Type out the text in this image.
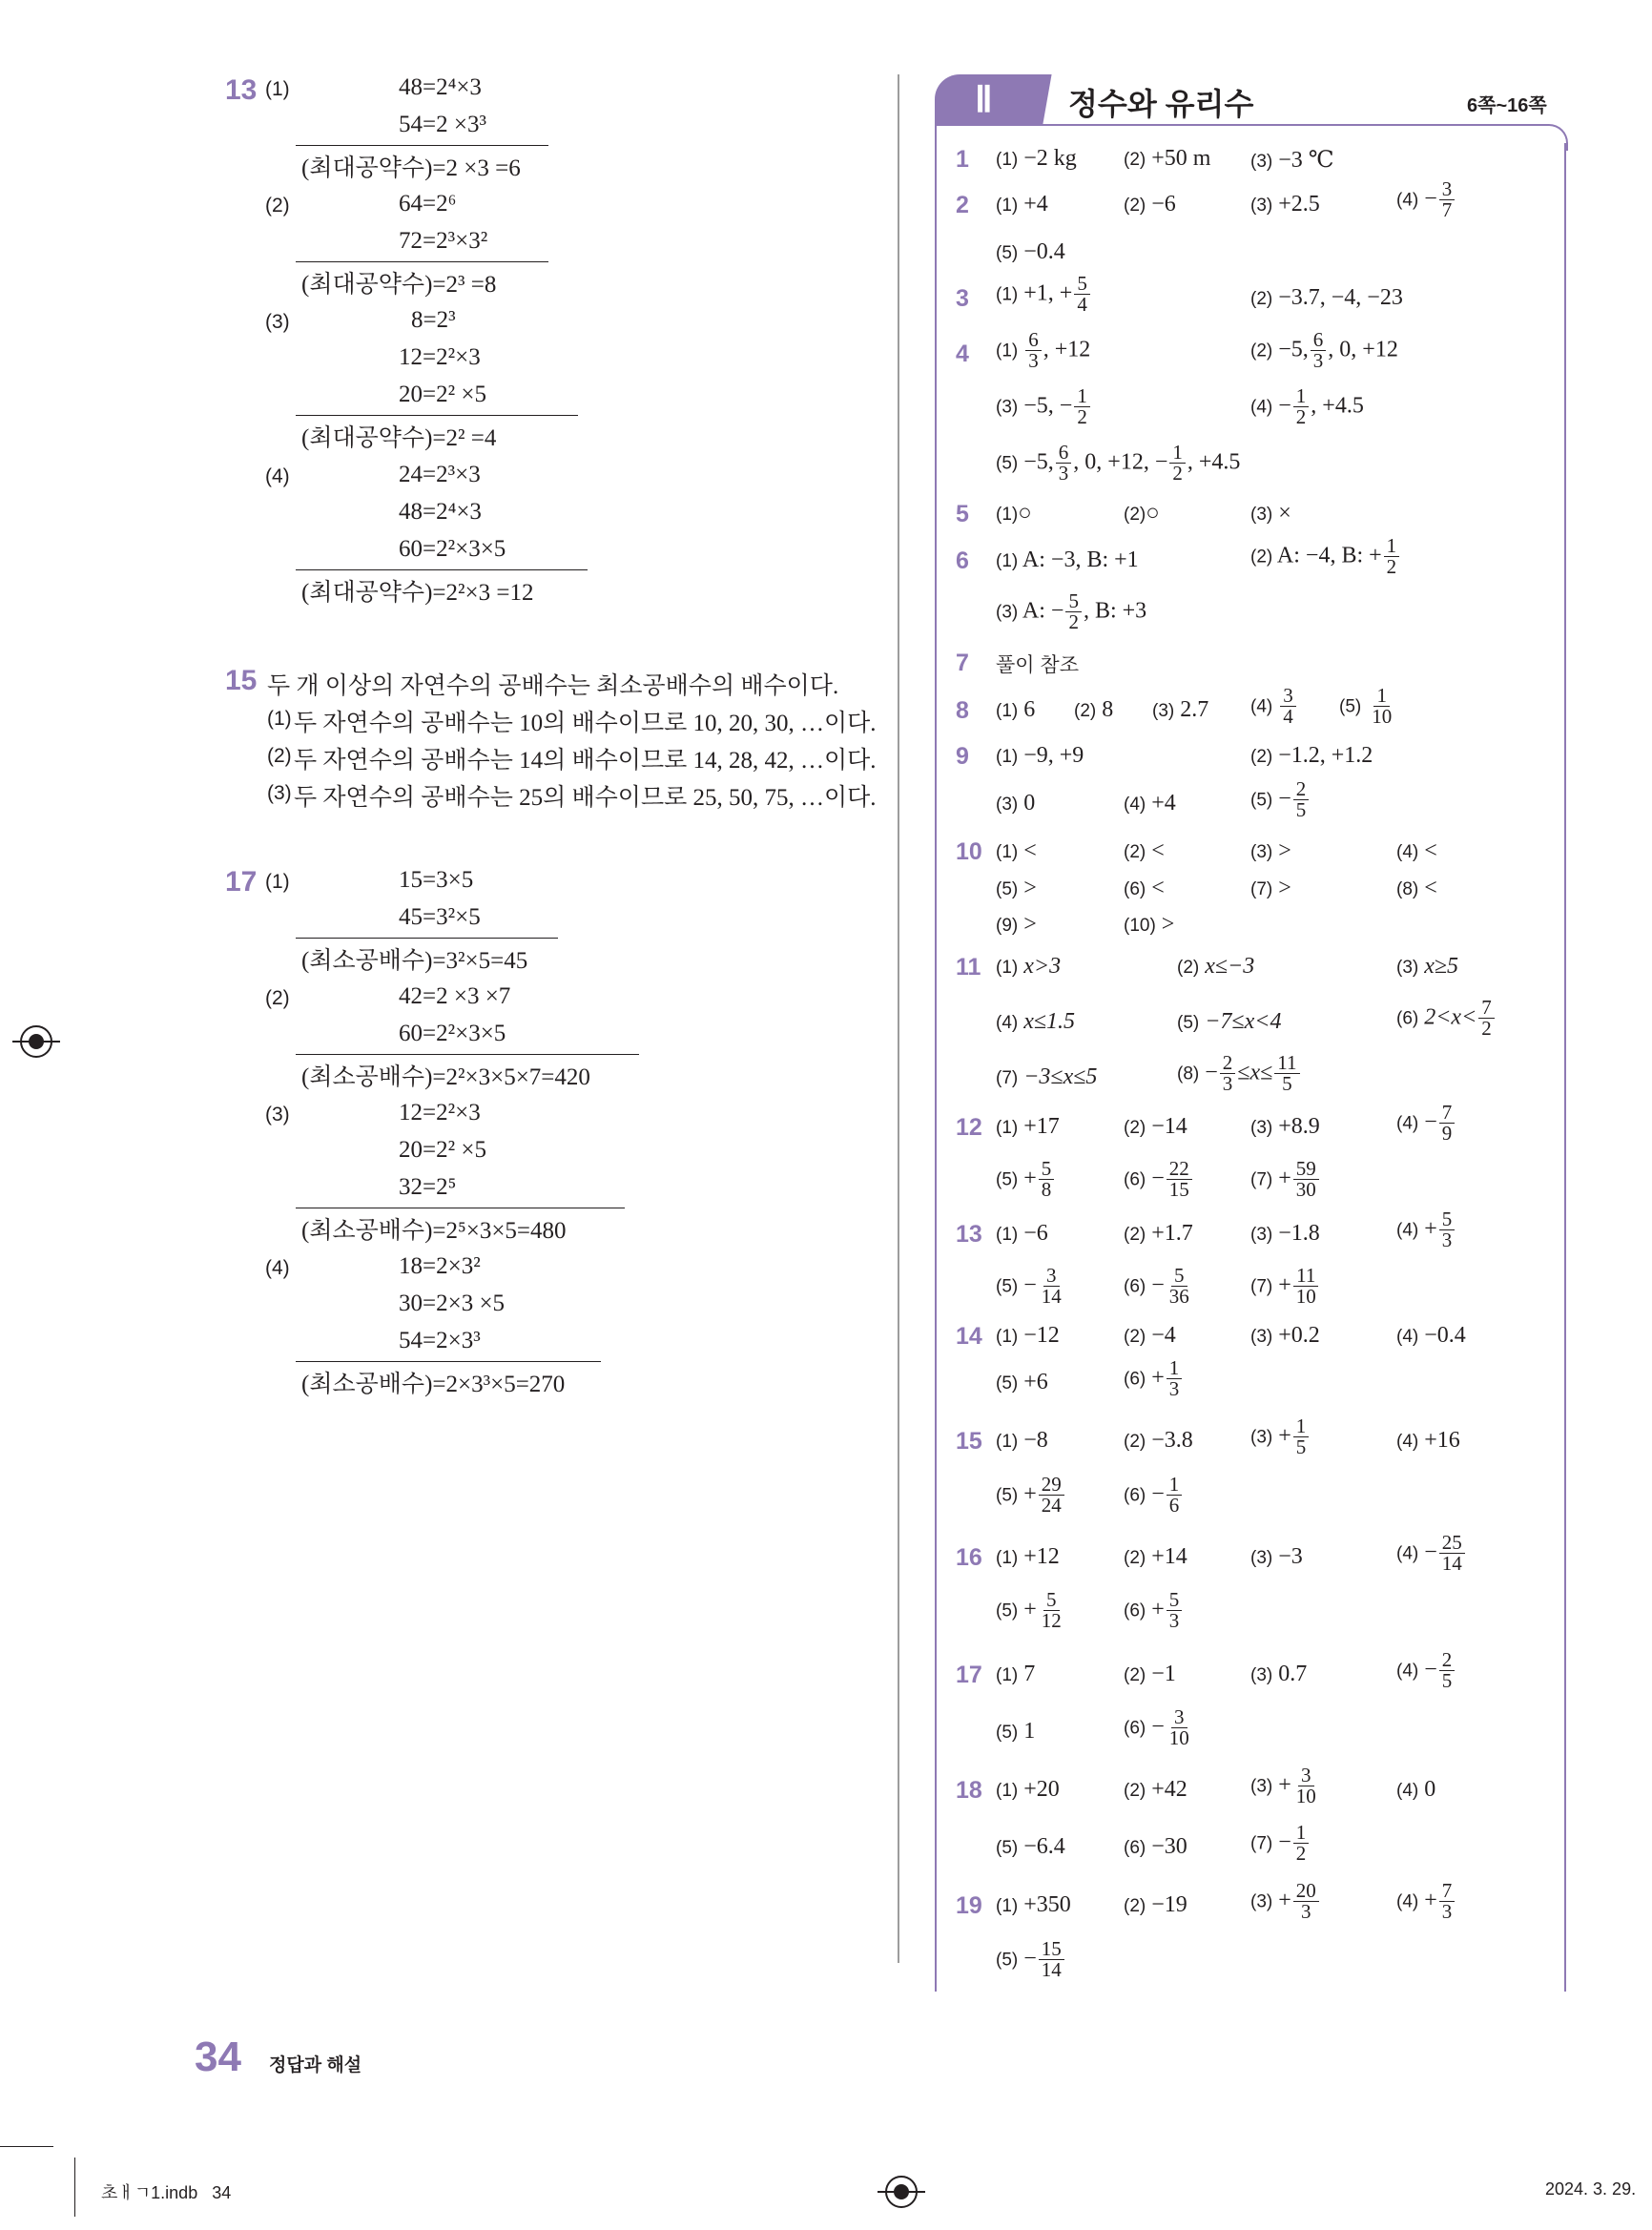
13 (1)	48=2⁴×3
54=2 ×3³
(최대공약수)=2 ×3 =6
(2)	64=2⁶
72=2³×3²
(최대공약수)=2³ =8
(3)	8=2³
12=2²×3
20=2² ×5
(최대공약수)=2² =4
(4)	24=2³×3
48=2⁴×3
60=2²×3×5
(최대공약수)=2²×3 =12
15 두 개 이상의 자연수의 공배수는 최소공배수의 배수이다.
(1) 두 자연수의 공배수는 10의 배수이므로 10, 20, 30, …이다.
(2) 두 자연수의 공배수는 14의 배수이므로 14, 28, 42, …이다.
(3) 두 자연수의 공배수는 25의 배수이므로 25, 50, 75, …이다.
17 (1)	15=3×5
45=3²×5
(최소공배수)=3²×5=45
(2)	42=2 ×3 ×7
60=2²×3×5
(최소공배수)=2²×3×5×7=420
(3)	12=2²×3
20=2² ×5
32=2⁵
(최소공배수)=2⁵×3×5=480
(4)	18=2×3²
30=2×3 ×5
54=2×3³
(최소공배수)=2×3³×5=270
Ⅱ 정수와 유리수	6쪽~16쪽
1 (1) −2 kg	(2) +50 m (3) −3 ℃
2 (1) +4	(2) −6	(3) +2.5	$(4) - \frac{3}{7}$
(5) −0.4
3 (1) +1, + $\frac{5}{4}$	(2) −3.7, −4, −23
4 $(1) \frac{6}{3}$ , +12	(2) −5, $\frac{6}{3}$ , 0, +12
(3) −5, − $\frac{1}{2}$	$(4) - \frac{1}{2}$ , +4.5
(5) −5, $\frac{6}{3}$ , 0, +12, − $\frac{1}{2}$ , +4.5
5 (1)○	(2)○	(3) ×
6 (1) A: −3, B: +1	(2) A: −4, B: + $\frac{1}{2}$
(3) A: − $\frac{5}{2}$ , B: +3
7 풀이 참조
8 (1) 6 (2) 8 (3) 2.7 $(4) \frac{3}{4} (5) \frac{1}{10}$
9 (1) −9, +9	(2) −1.2, +1.2
(3) 0	(4) +4	$(5) - \frac{2}{5}$
10 (1) <	(2) <	(3) >	(4) <
(5) >	(6) <	(7) >	(8) <
(9) >	(10) >
11 (1) x>3	(2) x≤−3	(3) x≥5
(4) x≤1.5	(5) −7≤x<4	(6) $2<x< \frac{7}{2}$
(7) −3≤x≤5	$(8) - \frac{2}{3} \le x\le \frac{11}{5}$
12 (1) +17	(2) −14	(3) +8.9	$(4) - \frac{7}{9}$
$(5) + \frac{5}{8}$	$(6) - \frac{22}{15}$	$(7) + \frac{59}{30}$
13 (1) −6	(2) +1.7	(3) −1.8	$(4) + \frac{5}{3}$
$(5) - \frac{3}{14}$	$(6) - \frac{5}{36}$	$(7) + \frac{11}{10}$
14 (1) −12	(2) −4	(3) +0.2	(4) −0.4
(5) +6	$(6) + \frac{1}{3}$
15 (1) −8	(2) −3.8	$(3) + \frac{1}{5}$	(4) +16
$(5) + \frac{29}{24}$	$(6) - \frac{1}{6}$
16 (1) +12	(2) +14	(3) −3	$(4) - \frac{25}{14}$
$(5) + \frac{5}{12}$	$(6) + \frac{5}{3}$
17 (1) 7	(2) −1	(3) 0.7	$(4) - \frac{2}{5}$
(5) 1	$(6) - \frac{3}{10}$
18 (1) +20	(2) +42	$(3) + \frac{3}{10}$	(4) 0
(5) −6.4	(6) −30	$(7) - \frac{1}{2}$
19 (1) +350	(2) −19	$(3) + \frac{20}{3}$	$(4) + \frac{7}{3}$
$(5) - \frac{15}{14}$
34 정답과 해설
초ㅐㄱ1.indb   34	2024. 3. 29.
